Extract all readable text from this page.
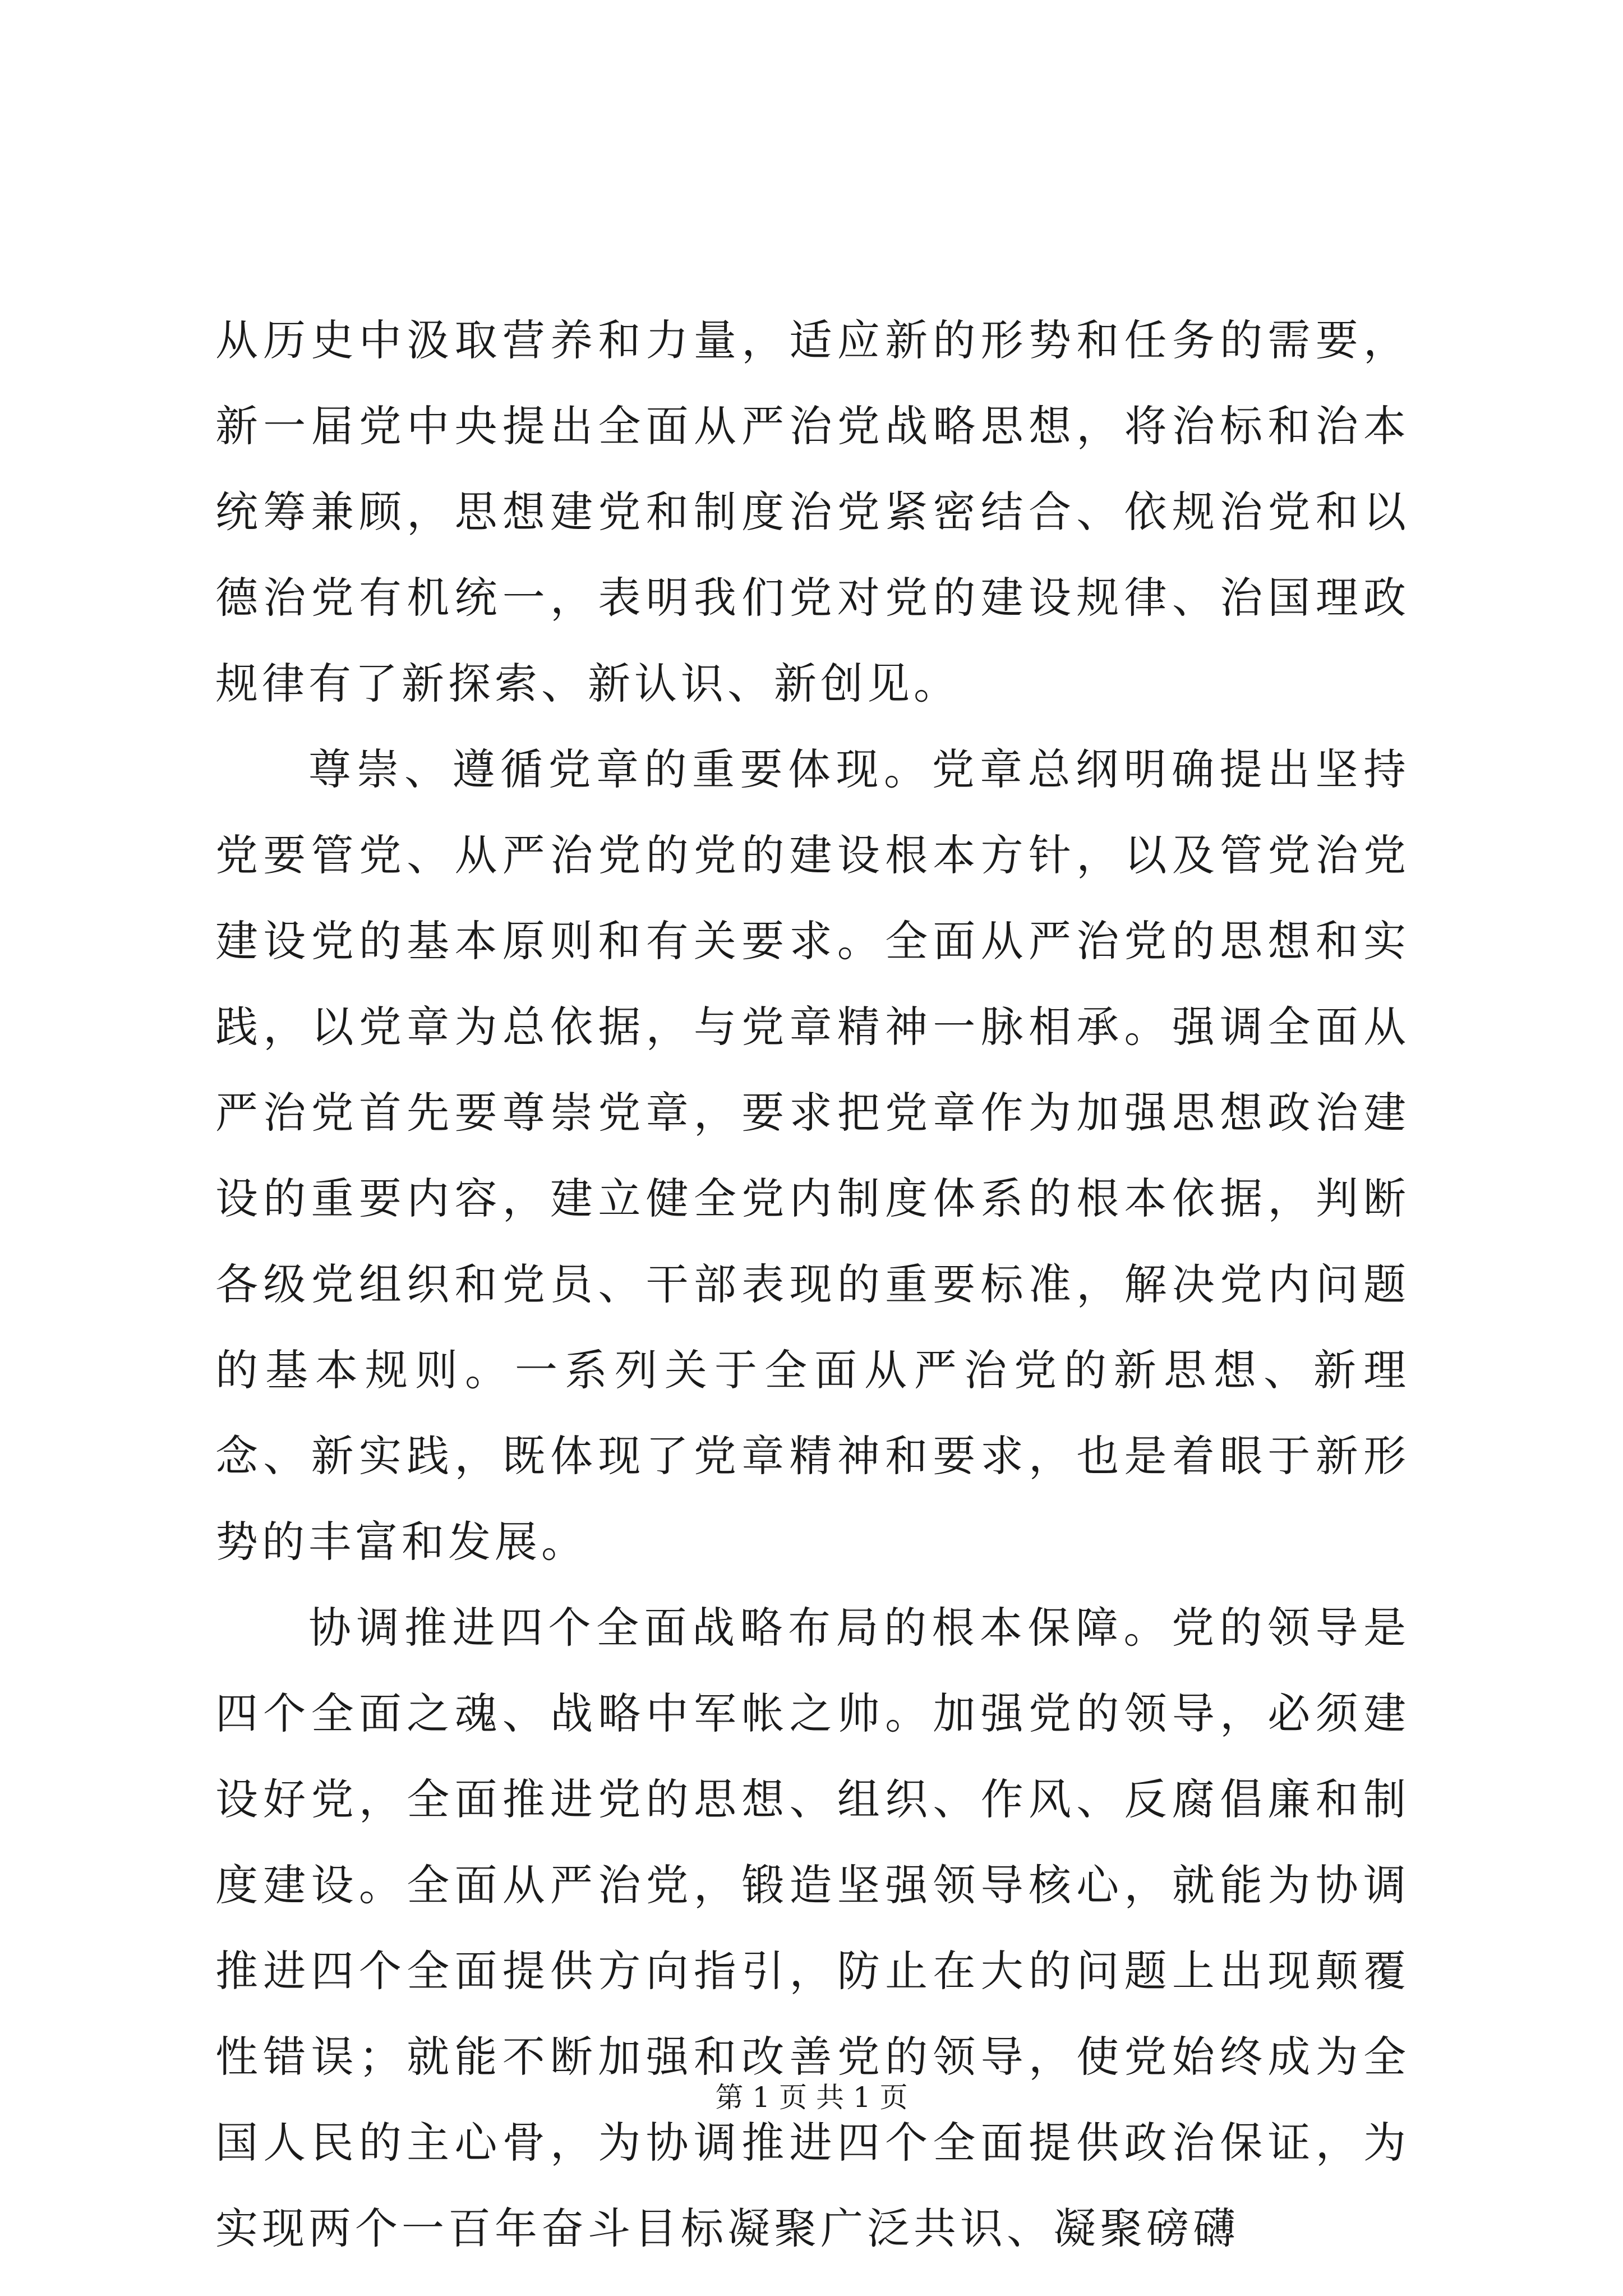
从历史中汲取营养和力量，适应新的形势和任务的需要，新一届党中央提出全面从严治党战略思想，将治标和治本统筹兼顾，思想建党和制度治党紧密结合、依规治党和以德治党有机统一，表明我们党对党的建设规律、治国理政规律有了新探索、新认识、新创见。

尊崇、遵循党章的重要体现。党章总纲明确提出坚持党要管党、从严治党的党的建设根本方针，以及管党治党建设党的基本原则和有关要求。全面从严治党的思想和实践，以党章为总依据，与党章精神一脉相承。强调全面从严治党首先要尊崇党章，要求把党章作为加强思想政治建设的重要内容，建立健全党内制度体系的根本依据，判断各级党组织和党员、干部表现的重要标准，解决党内问题的基本规则。一系列关于全面从严治党的新思想、新理念、新实践，既体现了党章精神和要求，也是着眼于新形势的丰富和发展。

协调推进四个全面战略布局的根本保障。党的领导是四个全面之魂、战略中军帐之帅。加强党的领导，必须建设好党，全面推进党的思想、组织、作风、反腐倡廉和制度建设。全面从严治党，锻造坚强领导核心，就能为协调推进四个全面提供方向指引，防止在大的问题上出现颠覆性错误；就能不断加强和改善党的领导，使党始终成为全国人民的主心骨，为协调推进四个全面提供政治保证，为实现两个一百年奋斗目标凝聚广泛共识、凝聚磅礴

第 1 页 共 1 页
